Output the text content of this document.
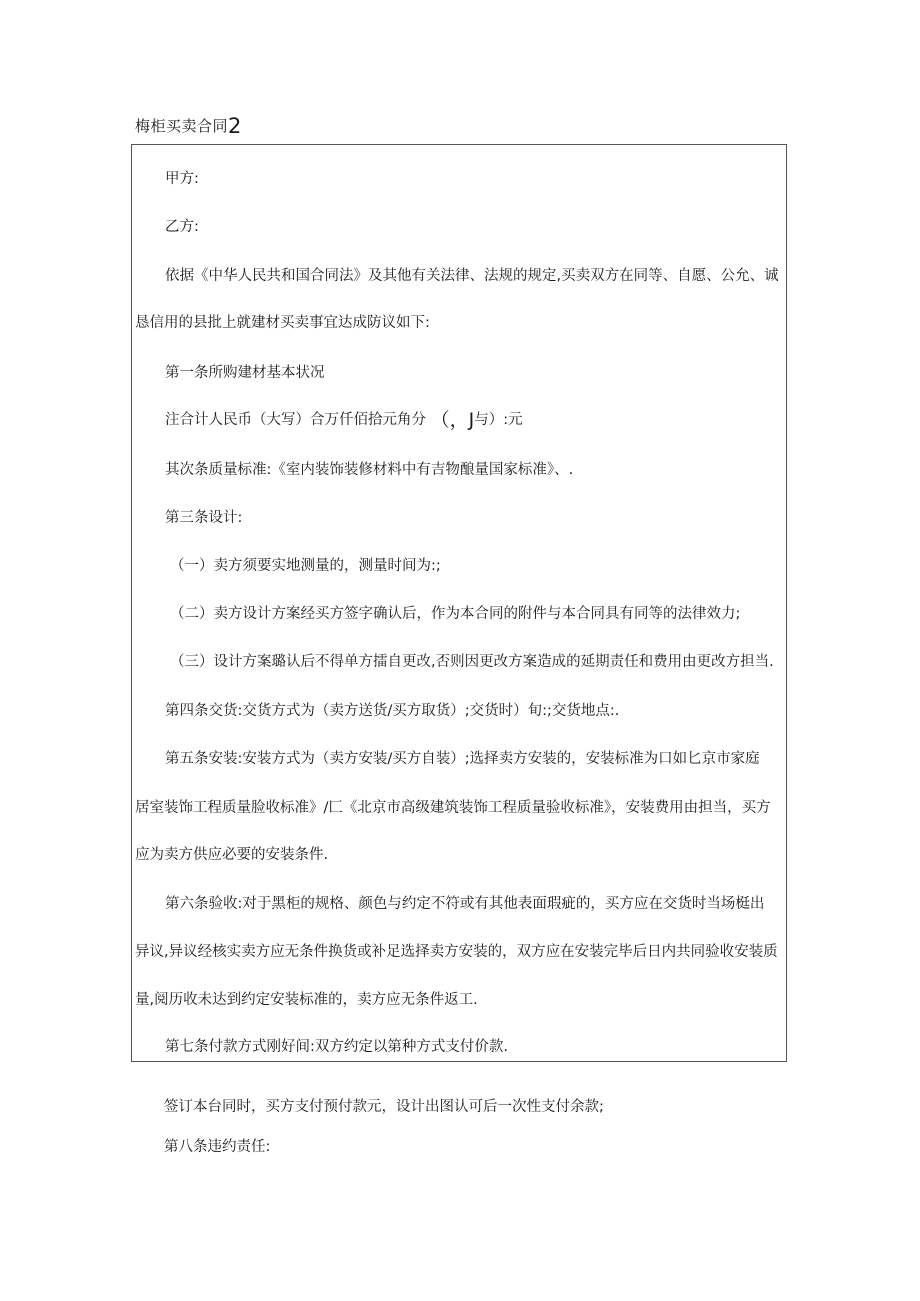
梅柜买卖合同2
甲方:
乙方:
依据《中华人民共和国合同法》及其他有关法律、法规的规定,买卖双方在同等、自愿、公允、诚
恳信用的县批上就建材买卖事宜达成防议如下:
第一条所购建材基本状况
注合计人民币（大写）合万仟佰拾元角分 （，J与）:元
其次条质量标准:《室内装饰装修材料中有吉物酿量国家标准》、.
第三条设计:
（一）卖方须要实地测量的，测量时间为:;
（二）卖方设计方案经买方签字确认后，作为本合同的附件与本合同具有同等的法律效力;
（三）设计方案璐认后不得单方擂自更改,否则因更改方案造成的延期责任和费用由更改方担当.
第四条交货:交货方式为（卖方送货/买方取货）;交货时）旬:;交货地点:.
第五条安装:安装方式为（卖方安装/买方自装）;选择卖方安装的，安装标准为口如匕京市家庭
居室装饰工程质量脸收标准》/匚《北京市高级建筑装饰工程质量验收标准》，安装费用由担当，买方
应为卖方供应必要的安装条件.
第六条验收:对于黑柜的规格、颜色与约定不符或有其他表面瑕疵的，买方应在交货时当场梃出
异议,异议经核实卖方应无条件换货或补足选择卖方安装的，双方应在安装完毕后日内共同验收安装质
量,阅历收未达到约定安装标准的，卖方应无条件返工.
第七条付款方式刚好间:双方约定以第种方式支付价款.
签订本台同时，买方支付预付款元，设计出图认可后一次性支付余款;
第八条违约责任:
